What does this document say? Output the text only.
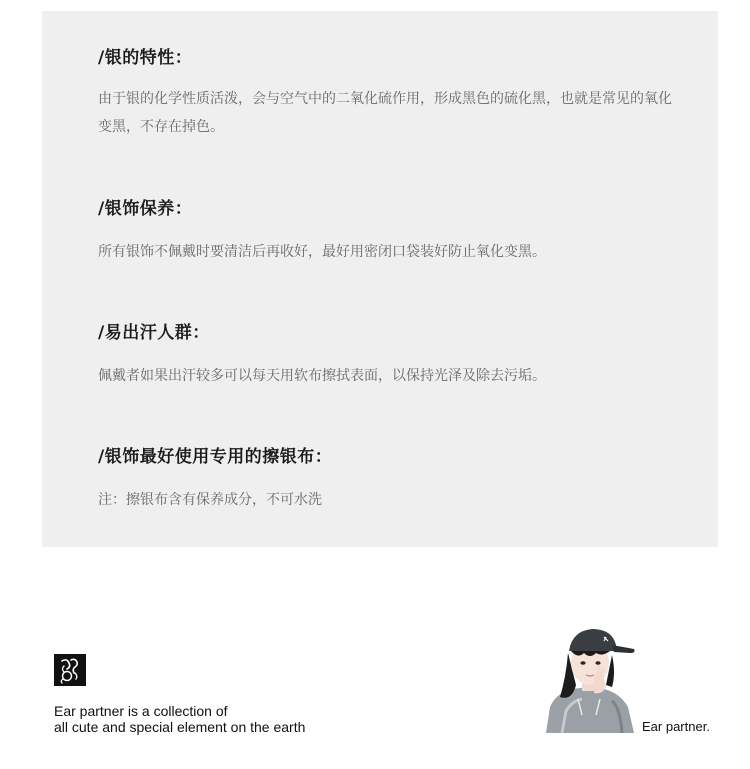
/银的特性：

由于银的化学性质活泼，会与空气中的二氧化硫作用，形成黑色的硫化黑，也就是常见的氧化变黑，不存在掉色。

/银饰保养：

所有银饰不佩戴时要清洁后再收好，最好用密闭口袋装好防止氧化变黑。

/易出汗人群：

佩戴者如果出汗较多可以每天用软布擦拭表面，以保持光泽及除去污垢。

/银饰最好使用专用的擦银布：

注：擦银布含有保养成分，不可水洗

Ear partner is a collection of
all cute and special element on the earth	Ear partner.
